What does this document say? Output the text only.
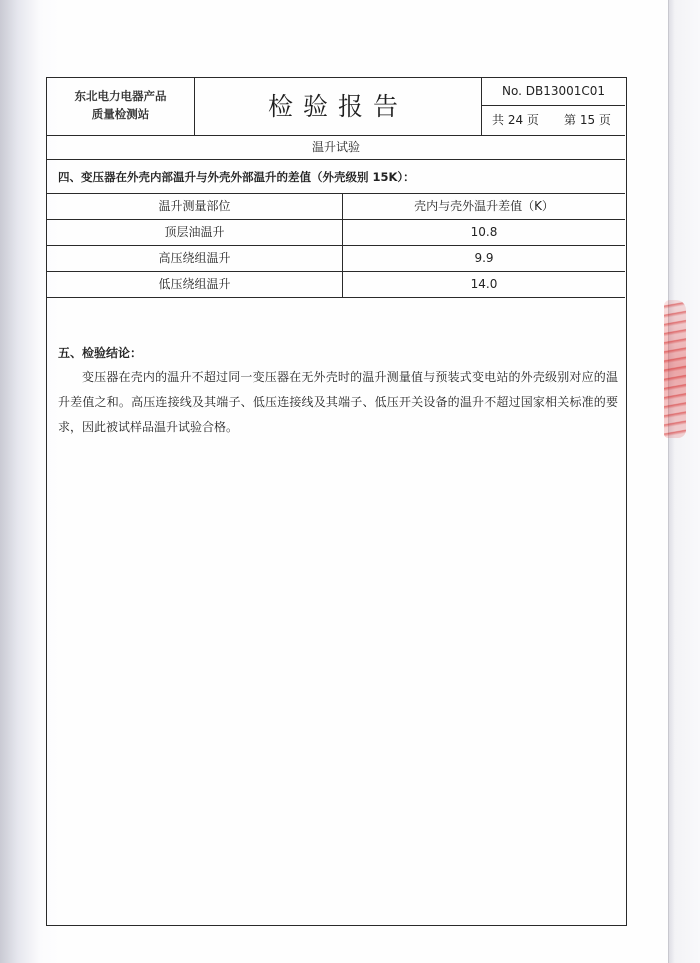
东北电力电器产品
质量检测站	检验报告
No. DB13001C01
共 24 页 第 15 页
温升试验
四、变压器在外壳内部温升与外壳外部温升的差值（外壳级别 15K）：
温升测量部位	壳内与壳外温升差值（K）
顶层油温升	10.8
高压绕组温升	9.9
低压绕组温升	14.0
五、检验结论：
变压器在壳内的温升不超过同一变压器在无外壳时的温升测量值与预装式变电站的外壳级别对应的温升差值之和。高压连接线及其端子、低压连接线及其端子、低压开关设备的温升不超过国家相关标准的要求，因此被试样品温升试验合格。
